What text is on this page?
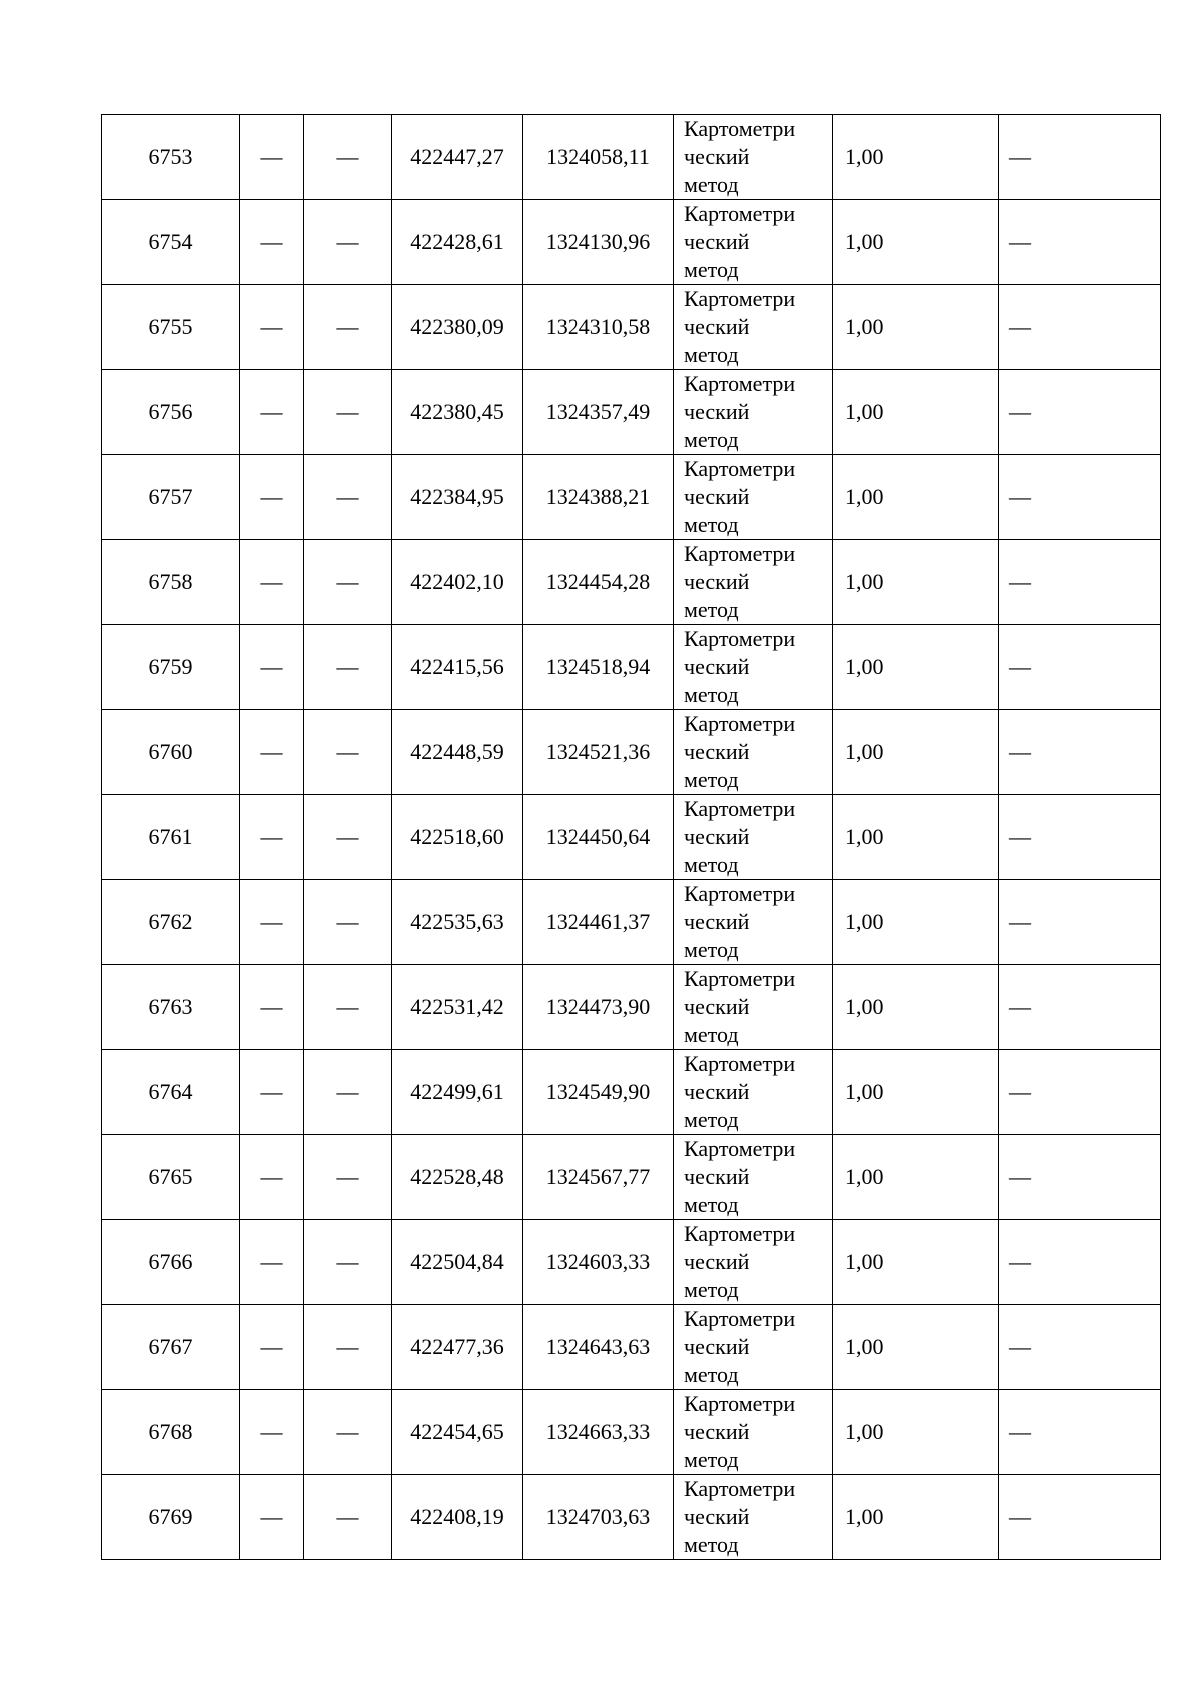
6753	—	—	422447,27	1324058,11	Картометри
ческий
метод	1,00	—
6754	—	—	422428,61	1324130,96	Картометри
ческий
метод	1,00	—
6755	—	—	422380,09	1324310,58	Картометри
ческий
метод	1,00	—
6756	—	—	422380,45	1324357,49	Картометри
ческий
метод	1,00	—
6757	—	—	422384,95	1324388,21	Картометри
ческий
метод	1,00	—
6758	—	—	422402,10	1324454,28	Картометри
ческий
метод	1,00	—
6759	—	—	422415,56	1324518,94	Картометри
ческий
метод	1,00	—
6760	—	—	422448,59	1324521,36	Картометри
ческий
метод	1,00	—
6761	—	—	422518,60	1324450,64	Картометри
ческий
метод	1,00	—
6762	—	—	422535,63	1324461,37	Картометри
ческий
метод	1,00	—
6763	—	—	422531,42	1324473,90	Картометри
ческий
метод	1,00	—
6764	—	—	422499,61	1324549,90	Картометри
ческий
метод	1,00	—
6765	—	—	422528,48	1324567,77	Картометри
ческий
метод	1,00	—
6766	—	—	422504,84	1324603,33	Картометри
ческий
метод	1,00	—
6767	—	—	422477,36	1324643,63	Картометри
ческий
метод	1,00	—
6768	—	—	422454,65	1324663,33	Картометри
ческий
метод	1,00	—
6769	—	—	422408,19	1324703,63	Картометри
ческий
метод	1,00	—
